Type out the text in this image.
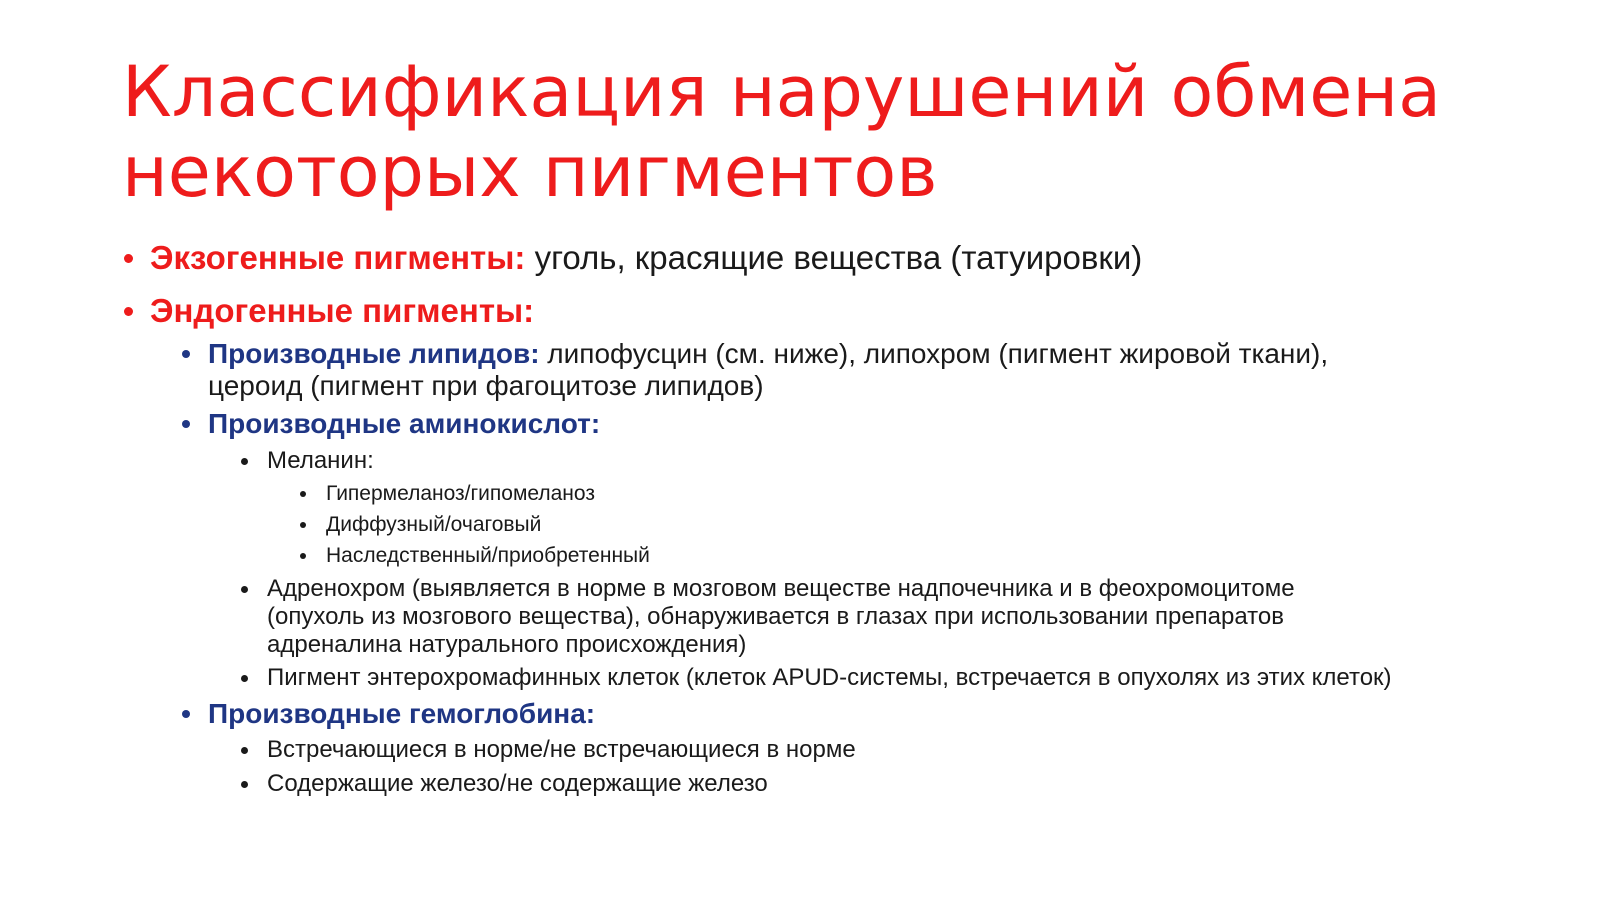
Классификация нарушений обмена некоторых пигментов
Экзогенные пигменты: уголь, красящие вещества (татуировки)
Эндогенные пигменты:
Производные липидов: липофусцин (см. ниже), липохром (пигмент жировой ткани), цероид (пигмент при фагоцитозе липидов)
Производные аминокислот:
Меланин:
Гипермеланоз/гипомеланоз
Диффузный/очаговый
Наследственный/приобретенный
Адренохром (выявляется в норме в мозговом веществе надпочечника и в феохромоцитоме (опухоль из мозгового вещества), обнаруживается в глазах при использовании препаратов адреналина натурального происхождения)
Пигмент энтерохромафинных клеток (клеток APUD-системы, встречается в опухолях из этих клеток)
Производные гемоглобина:
Встречающиеся в норме/не встречающиеся в норме
Содержащие железо/не содержащие железо
